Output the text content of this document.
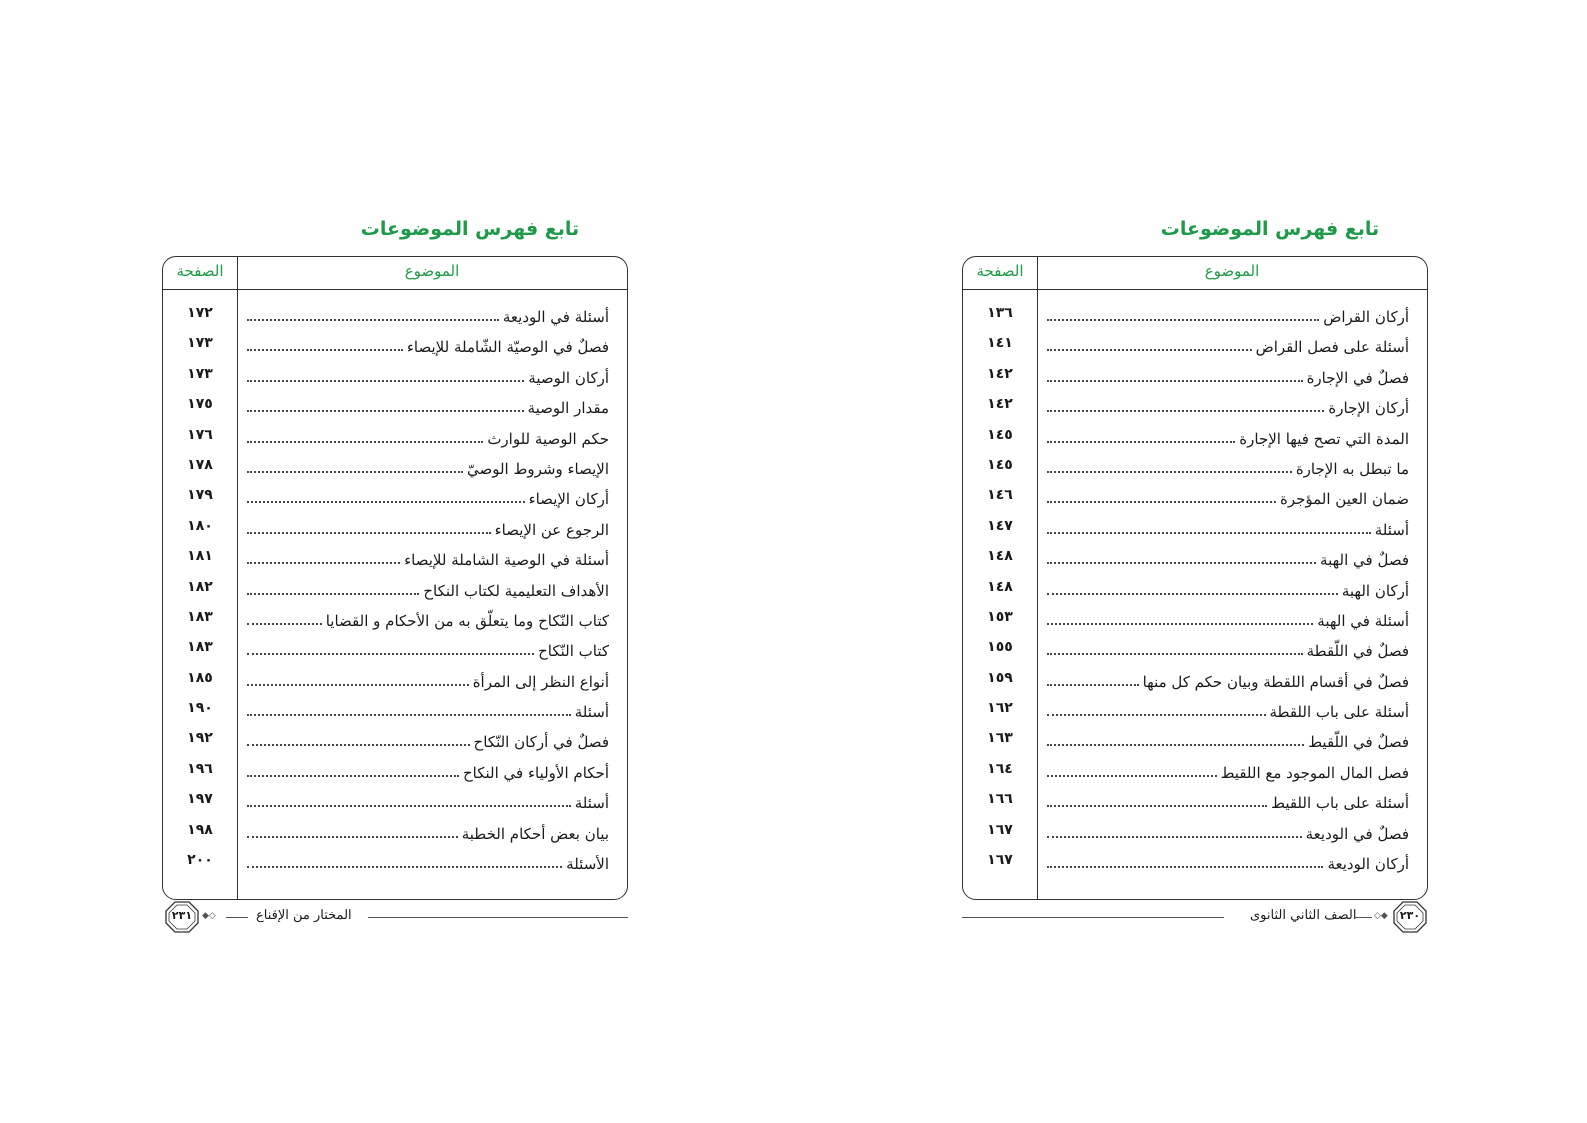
تابع فهرس الموضوعات
الصفحة	الموضوع
١٧٢	أسئلة في الوديعة
١٧٣	فصلٌ في الوصيّة الشّاملة للإيصاء
١٧٣	أركان الوصية
١٧٥	مقدار الوصية
١٧٦	حكم الوصية للوارث
١٧٨	الإيصاء وشروط الوصيّ
١٧٩	أركان الإيصاء
١٨٠	الرجوع عن الإيصاء
١٨١	أسئلة في الوصية الشاملة للإيصاء
١٨٢	الأهداف التعليمية لكتاب النكاح
١٨٣	كتاب النّكاح وما يتعلّق به من الأحكام و القضايا
١٨٣	كتاب النّكاح
١٨٥	أنواع النظر إلى المرأة
١٩٠	أسئلة
١٩٢	فصلٌ في أركان النّكاح
١٩٦	أحكام الأولياء في النكاح
١٩٧	أسئلة
١٩٨	بيان بعض أحكام الخطبة
٢٠٠	الأسئلة
٢٣١	◆◇	المختار من الإقناع
تابع فهرس الموضوعات
الصفحة	الموضوع
١٣٦	أركان القراض
١٤١	أسئلة على فصل القراض
١٤٢	فصلٌ في الإجارة
١٤٢	أركان الإجارة
١٤٥	المدة التي تصح فيها الإجارة
١٤٥	ما تبطل به الإجارة
١٤٦	ضمان العين المؤجرة
١٤٧	أسئلة
١٤٨	فصلٌ في الهبة
١٤٨	أركان الهبة
١٥٣	أسئلة في الهبة
١٥٥	فصلٌ في اللّقطة
١٥٩	فصلٌ في أقسام اللقطة وبيان حكم كل منها
١٦٢	أسئلة على باب اللقطة
١٦٣	فصلٌ في اللّقيط
١٦٤	فصل المال الموجود مع اللقيط
١٦٦	أسئلة على باب اللقيط
١٦٧	فصلٌ في الوديعة
١٦٧	أركان الوديعة
الصف الثاني الثانوى	◇◆	٢٣٠
